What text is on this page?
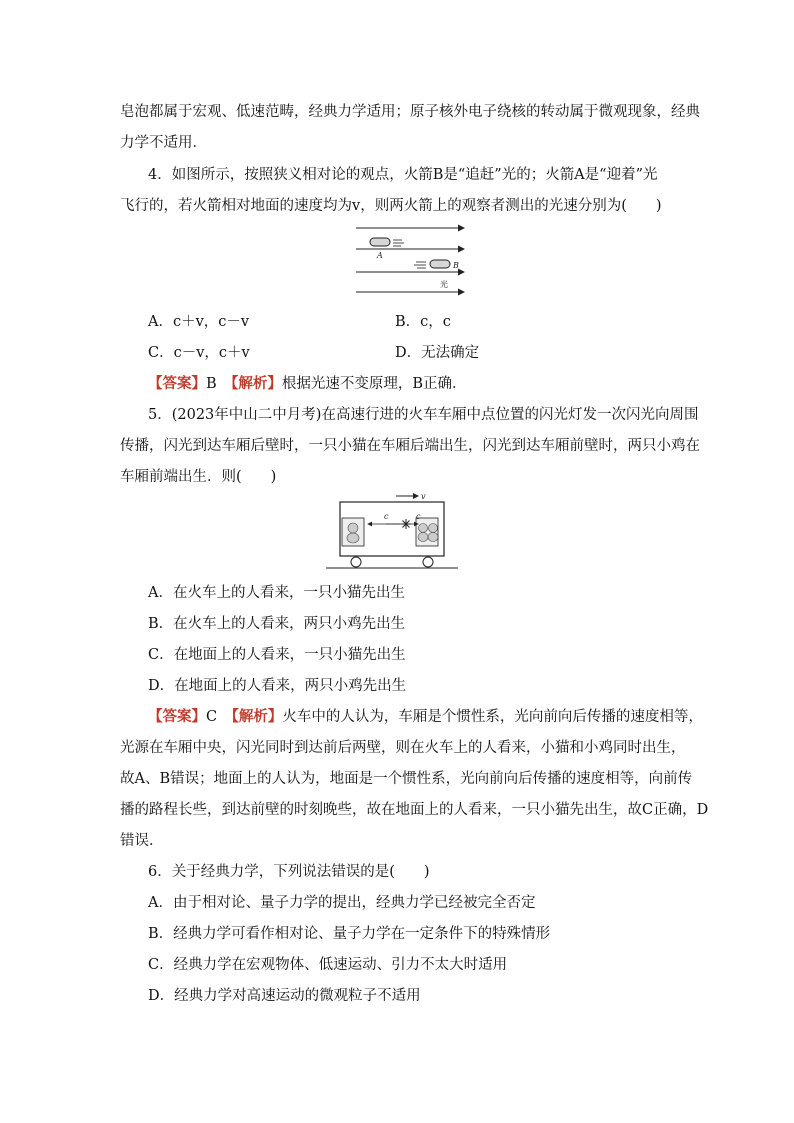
皂泡都属于宏观、低速范畴，经典力学适用；原子核外电子绕核的转动属于微观现象，经典
力学不适用．
4．如图所示，按照狭义相对论的观点，火箭B是“追赶”光的；火箭A是“迎着”光
飞行的，若火箭相对地面的速度均为v，则两火箭上的观察者测出的光速分别为(　　)
A
B
光
A．c＋v，c－v	B．c，c
C．c－v，c＋v	D．无法确定
【答案】B　 【解析】根据光速不变原理，B正确．
5．(2023年中山二中月考)在高速行进的火车车厢中点位置的闪光灯发一次闪光向周围
传播，闪光到达车厢后壁时，一只小猫在车厢后端出生，闪光到达车厢前壁时，两只小鸡在
车厢前端出生．则(　　)
v
c	c
A．在火车上的人看来，一只小猫先出生
B．在火车上的人看来，两只小鸡先出生
C．在地面上的人看来，一只小猫先出生
D．在地面上的人看来，两只小鸡先出生
【答案】C　 【解析】火车中的人认为，车厢是个惯性系，光向前向后传播的速度相等，
光源在车厢中央，闪光同时到达前后两壁，则在火车上的人看来，小猫和小鸡同时出生，
故A、B错误；地面上的人认为，地面是一个惯性系，光向前向后传播的速度相等，向前传
播的路程长些，到达前壁的时刻晚些，故在地面上的人看来，一只小猫先出生，故C正确，D
错误．
6．关于经典力学，下列说法错误的是(　　)
A．由于相对论、量子力学的提出，经典力学已经被完全否定
B．经典力学可看作相对论、量子力学在一定条件下的特殊情形
C．经典力学在宏观物体、低速运动、引力不太大时适用
D．经典力学对高速运动的微观粒子不适用
